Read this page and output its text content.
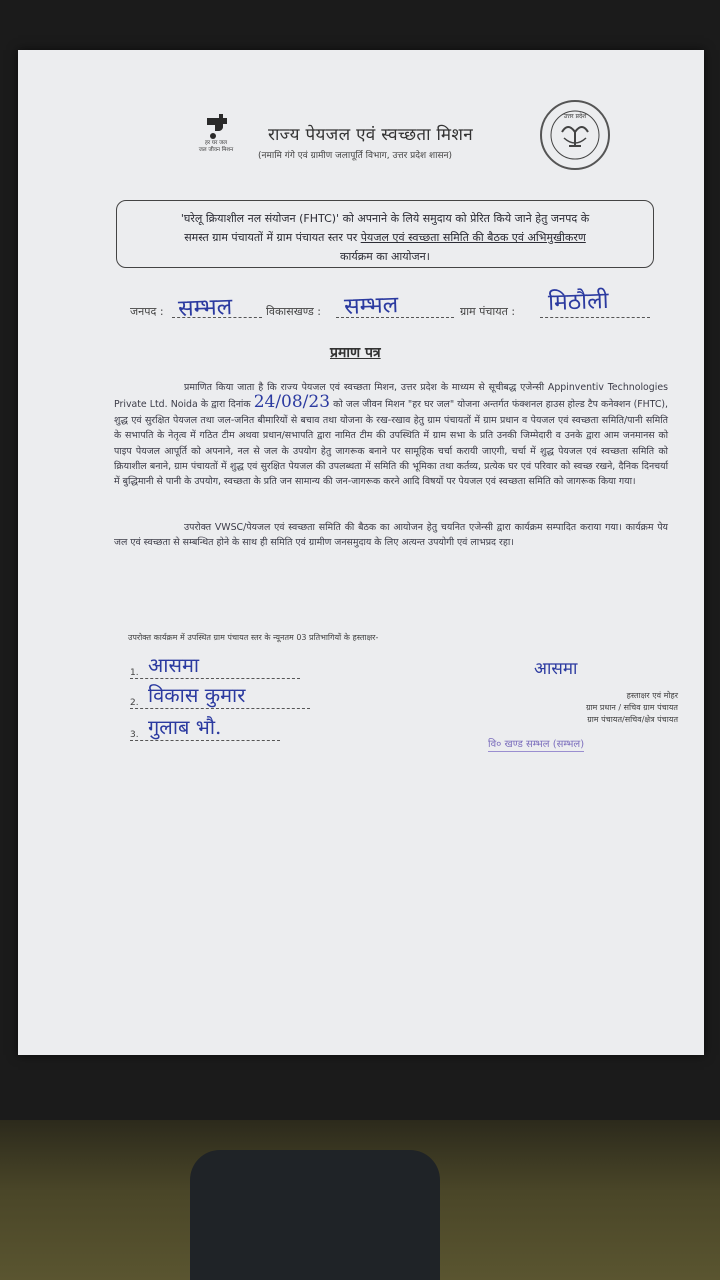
हर घर जल
जल जीवन मिशन
राज्य पेयजल एवं स्वच्छता मिशन
(नमामि गंगे एवं ग्रामीण जलापूर्ति विभाग, उत्तर प्रदेश शासन)
उत्तर प्रदेश
'घरेलू क्रियाशील नल संयोजन (FHTC)' को अपनाने के लिये समुदाय को प्रेरित किये जाने हेतु जनपद के
समस्त ग्राम पंचायतों में ग्राम पंचायत स्तर पर पेयजल एवं स्वच्छता समिति की बैठक एवं अभिमुखीकरण
कार्यक्रम का आयोजन।
जनपद : सम्भल	विकासखण्ड : सम्भल	ग्राम पंचायत : मिठौली
प्रमाण पत्र

प्रमाणित किया जाता है कि राज्य पेयजल एवं स्वच्छता मिशन, उत्तर प्रदेश के माध्यम से सूचीबद्ध एजेन्सी Appinventiv Technologies Private Ltd. Noida के द्वारा दिनांक 24/08/23 को जल जीवन मिशन "हर घर जल" योजना अन्तर्गत फंक्शनल हाउस होल्ड टैप कनेक्शन (FHTC), शुद्ध एवं सुरक्षित पेयजल तथा जल-जनित बीमारियों से बचाव तथा योजना के रख-रखाव हेतु ग्राम पंचायतों में ग्राम प्रधान व पेयजल एवं स्वच्छता समिति/पानी समिति के सभापति के नेतृत्व में गठित टीम अथवा प्रधान/सभापति द्वारा नामित टीम की उपस्थिति में ग्राम सभा के प्रति उनकी जिम्मेदारी व उनके द्वारा आम जनमानस को पाइप पेयजल आपूर्ति को अपनाने, नल से जल के उपयोग हेतु जागरूक बनाने पर सामूहिक चर्चा करायी जाएगी, चर्चा में शुद्ध पेयजल एवं स्वच्छता समिति को क्रियाशील बनाने, ग्राम पंचायतों में शुद्ध एवं सुरक्षित पेयजल की उपलब्धता में समिति की भूमिका तथा कर्तव्य, प्रत्येक घर एवं परिवार को स्वच्छ रखने, दैनिक दिनचर्या में बुद्धिमानी से पानी के उपयोग, स्वच्छता के प्रति जन सामान्य की जन-जागरूक करने आदि विषयों पर पेयजल एवं स्वच्छता समिति को जागरूक किया गया।

उपरोक्त VWSC/पेयजल एवं स्वच्छता समिति की बैठक का आयोजन हेतु चयनित एजेन्सी द्वारा कार्यक्रम सम्पादित कराया गया। कार्यक्रम पेय जल एवं स्वच्छता से सम्बन्धित होने के साथ ही समिति एवं ग्रामीण जनसमुदाय के लिए अत्यन्त उपयोगी एवं लाभप्रद रहा।

उपरोक्त कार्यक्रम में उपस्थित ग्राम पंचायत स्तर के न्यूनतम 03 प्रतिभागियों के हस्ताक्षर-
1. आसमा
2. विकास कुमार
3. गुलाब भौ.
आसमा
हस्ताक्षर एवं मोहर
ग्राम प्रधान / सचिव ग्राम पंचायत
ग्राम पंचायत/सचिव/क्षेत्र पंचायत
वि० खण्ड सम्भल (सम्भल)
